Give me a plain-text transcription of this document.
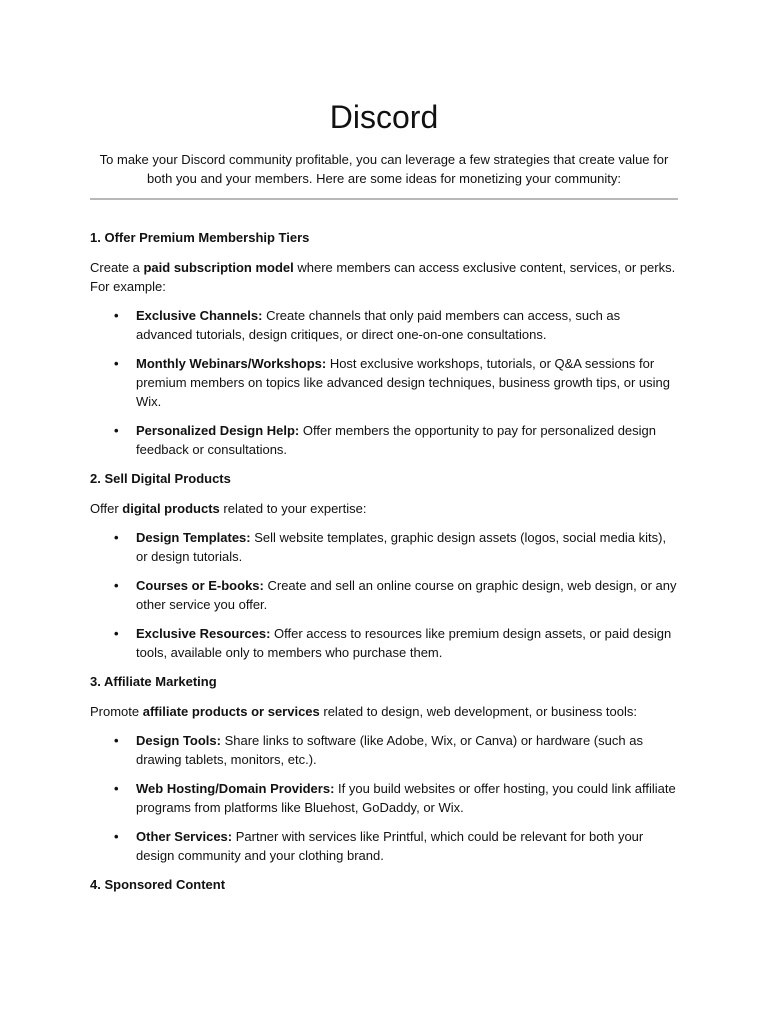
Discord

To make your Discord community profitable, you can leverage a few strategies that create value for both you and your members. Here are some ideas for monetizing your community:

1. Offer Premium Membership Tiers

Create a paid subscription model where members can access exclusive content, services, or perks. For example:

• Exclusive Channels: Create channels that only paid members can access, such as advanced tutorials, design critiques, or direct one-on-one consultations.
• Monthly Webinars/Workshops: Host exclusive workshops, tutorials, or Q&A sessions for premium members on topics like advanced design techniques, business growth tips, or using Wix.
• Personalized Design Help: Offer members the opportunity to pay for personalized design feedback or consultations.

2. Sell Digital Products

Offer digital products related to your expertise:

• Design Templates: Sell website templates, graphic design assets (logos, social media kits), or design tutorials.
• Courses or E-books: Create and sell an online course on graphic design, web design, or any other service you offer.
• Exclusive Resources: Offer access to resources like premium design assets, or paid design tools, available only to members who purchase them.

3. Affiliate Marketing

Promote affiliate products or services related to design, web development, or business tools:

• Design Tools: Share links to software (like Adobe, Wix, or Canva) or hardware (such as drawing tablets, monitors, etc.).
• Web Hosting/Domain Providers: If you build websites or offer hosting, you could link affiliate programs from platforms like Bluehost, GoDaddy, or Wix.
• Other Services: Partner with services like Printful, which could be relevant for both your design community and your clothing brand.

4. Sponsored Content
